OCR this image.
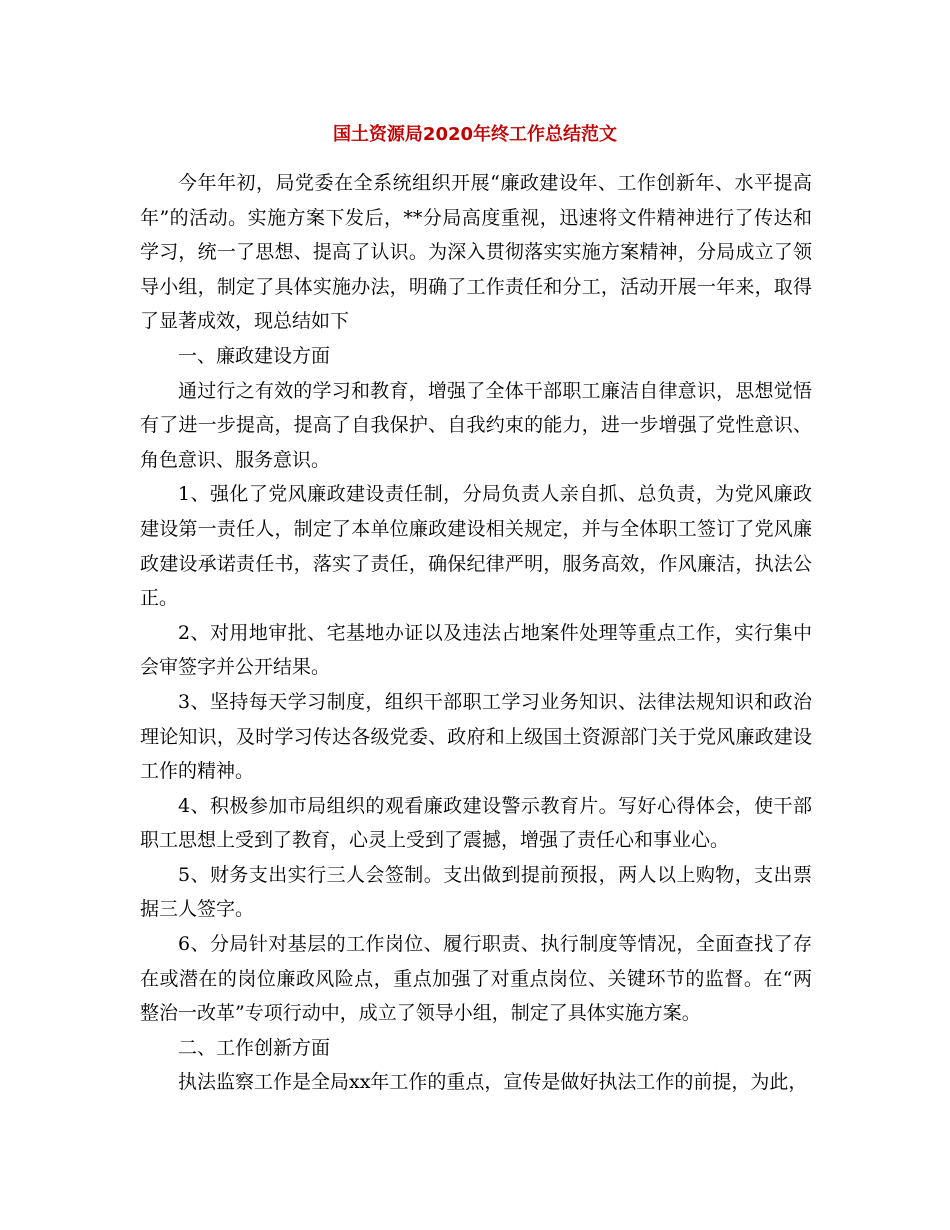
国土资源局2020年终工作总结范文

今年年初，局党委在全系统组织开展“廉政建设年、工作创新年、水平提高年”的活动。实施方案下发后，**分局高度重视，迅速将文件精神进行了传达和学习，统一了思想、提高了认识。为深入贯彻落实实施方案精神，分局成立了领导小组，制定了具体实施办法，明确了工作责任和分工，活动开展一年来，取得了显著成效，现总结如下

一、廉政建设方面

通过行之有效的学习和教育，增强了全体干部职工廉洁自律意识，思想觉悟有了进一步提高，提高了自我保护、自我约束的能力，进一步增强了党性意识、角色意识、服务意识。

1、强化了党风廉政建设责任制，分局负责人亲自抓、总负责，为党风廉政建设第一责任人，制定了本单位廉政建设相关规定，并与全体职工签订了党风廉政建设承诺责任书，落实了责任，确保纪律严明，服务高效，作风廉洁，执法公正。

2、对用地审批、宅基地办证以及违法占地案件处理等重点工作，实行集中会审签字并公开结果。

3、坚持每天学习制度，组织干部职工学习业务知识、法律法规知识和政治理论知识，及时学习传达各级党委、政府和上级国土资源部门关于党风廉政建设工作的精神。

4、积极参加市局组织的观看廉政建设警示教育片。写好心得体会，使干部职工思想上受到了教育，心灵上受到了震撼，增强了责任心和事业心。

5、财务支出实行三人会签制。支出做到提前预报，两人以上购物，支出票据三人签字。

6、分局针对基层的工作岗位、履行职责、执行制度等情况，全面查找了存在或潜在的岗位廉政风险点，重点加强了对重点岗位、关键环节的监督。在“两整治一改革”专项行动中，成立了领导小组，制定了具体实施方案。

二、工作创新方面

执法监察工作是全局xx年工作的重点，宣传是做好执法工作的前提，为此，
